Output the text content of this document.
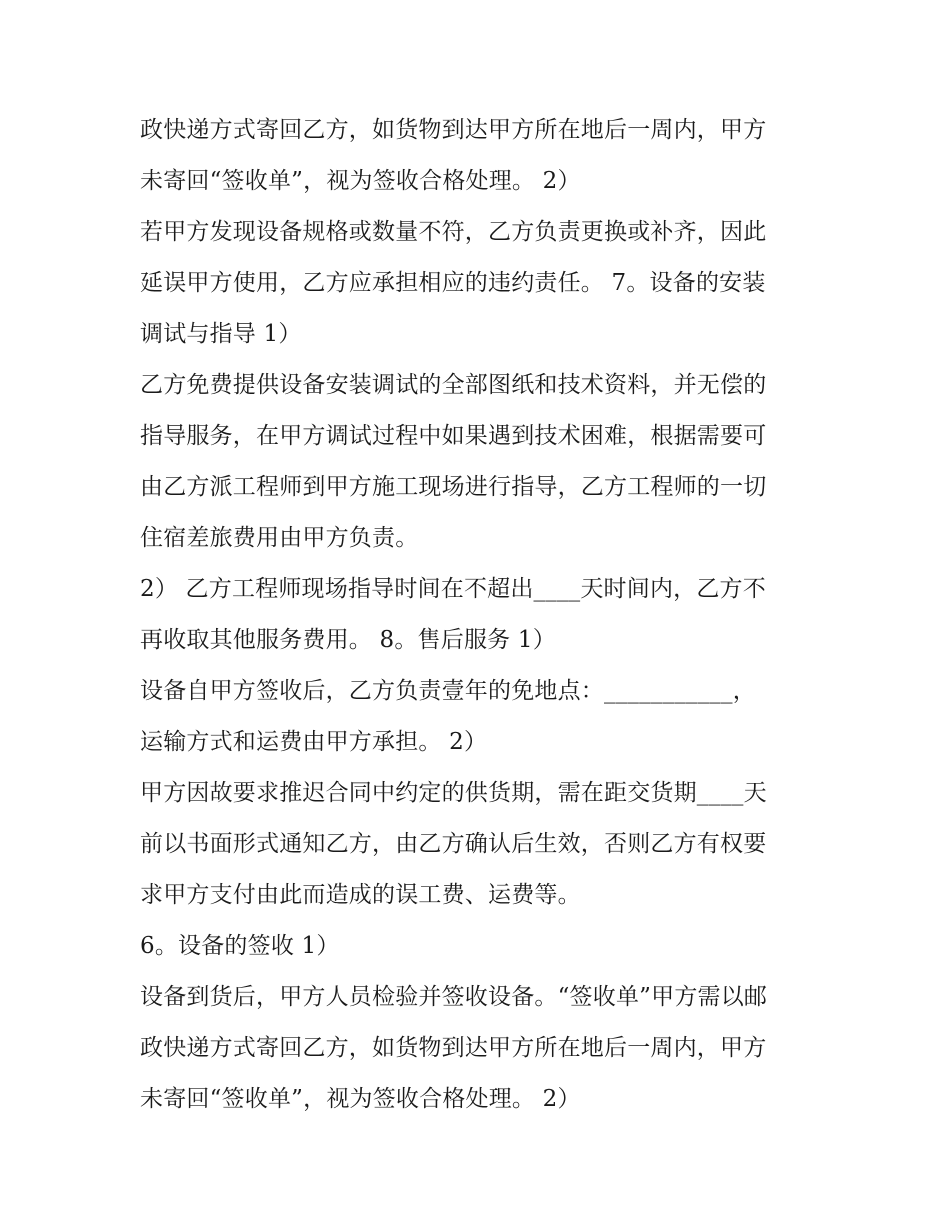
政快递方式寄回乙方，如货物到达甲方所在地后一周内，甲方
未寄回“签收单”，视为签收合格处理。 2）
若甲方发现设备规格或数量不符，乙方负责更换或补齐，因此
延误甲方使用，乙方应承担相应的违约责任。 7。设备的安装
调试与指导 1）
乙方免费提供设备安装调试的全部图纸和技术资料，并无偿的
指导服务，在甲方调试过程中如果遇到技术困难，根据需要可
由乙方派工程师到甲方施工现场进行指导，乙方工程师的一切
住宿差旅费用由甲方负责。
2） 乙方工程师现场指导时间在不超出____天时间内，乙方不
再收取其他服务费用。 8。售后服务 1）
设备自甲方签收后，乙方负责壹年的免地点：___________，
运输方式和运费由甲方承担。 2）
甲方因故要求推迟合同中约定的供货期，需在距交货期____天
前以书面形式通知乙方，由乙方确认后生效，否则乙方有权要
求甲方支付由此而造成的误工费、运费等。
6。设备的签收 1）
设备到货后，甲方人员检验并签收设备。“签收单”甲方需以邮
政快递方式寄回乙方，如货物到达甲方所在地后一周内，甲方
未寄回“签收单”，视为签收合格处理。 2）
